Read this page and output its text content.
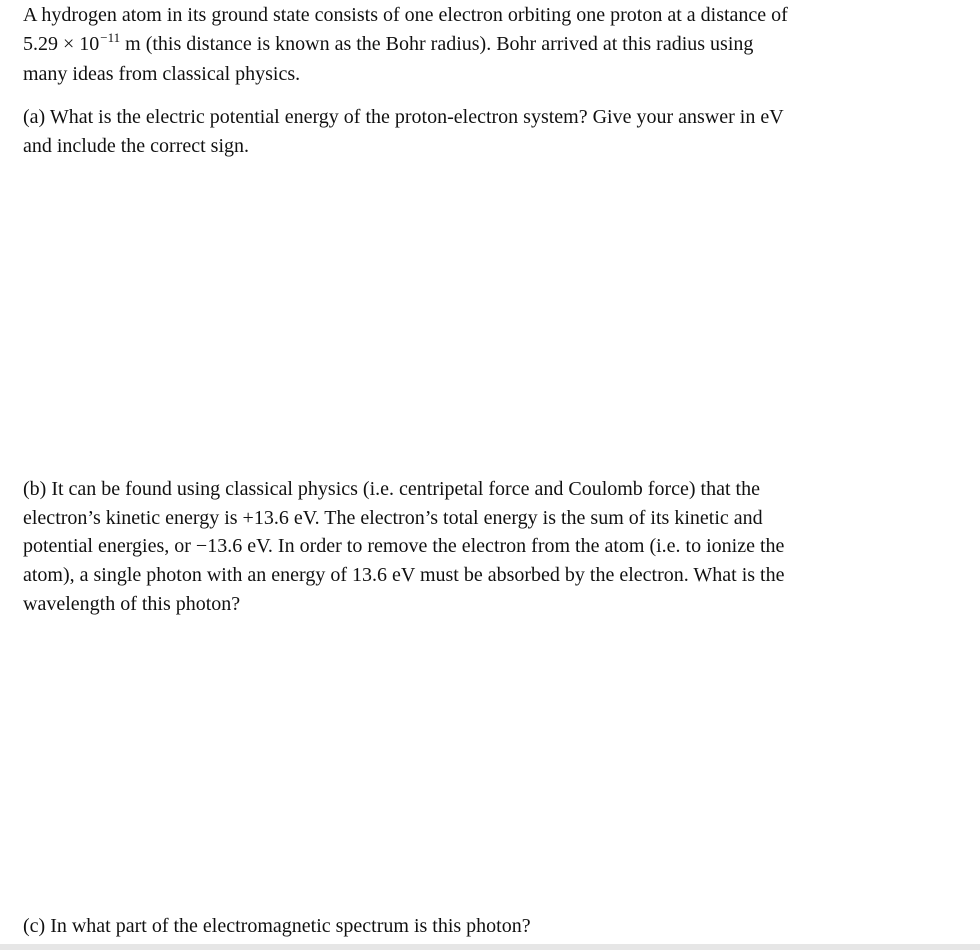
A hydrogen atom in its ground state consists of one electron orbiting one proton at a distance of
$5.29 \times 10^{-11}$ m (this distance is known as the Bohr radius). Bohr arrived at this radius using
many ideas from classical physics.
(a) What is the electric potential energy of the proton-electron system? Give your answer in eV
and include the correct sign.
(b) It can be found using classical physics (i.e. centripetal force and Coulomb force) that the
electron’s kinetic energy is +13.6 eV. The electron’s total energy is the sum of its kinetic and
potential energies, or −13.6 eV. In order to remove the electron from the atom (i.e. to ionize the
atom), a single photon with an energy of 13.6 eV must be absorbed by the electron. What is the
wavelength of this photon?
(c) In what part of the electromagnetic spectrum is this photon?
